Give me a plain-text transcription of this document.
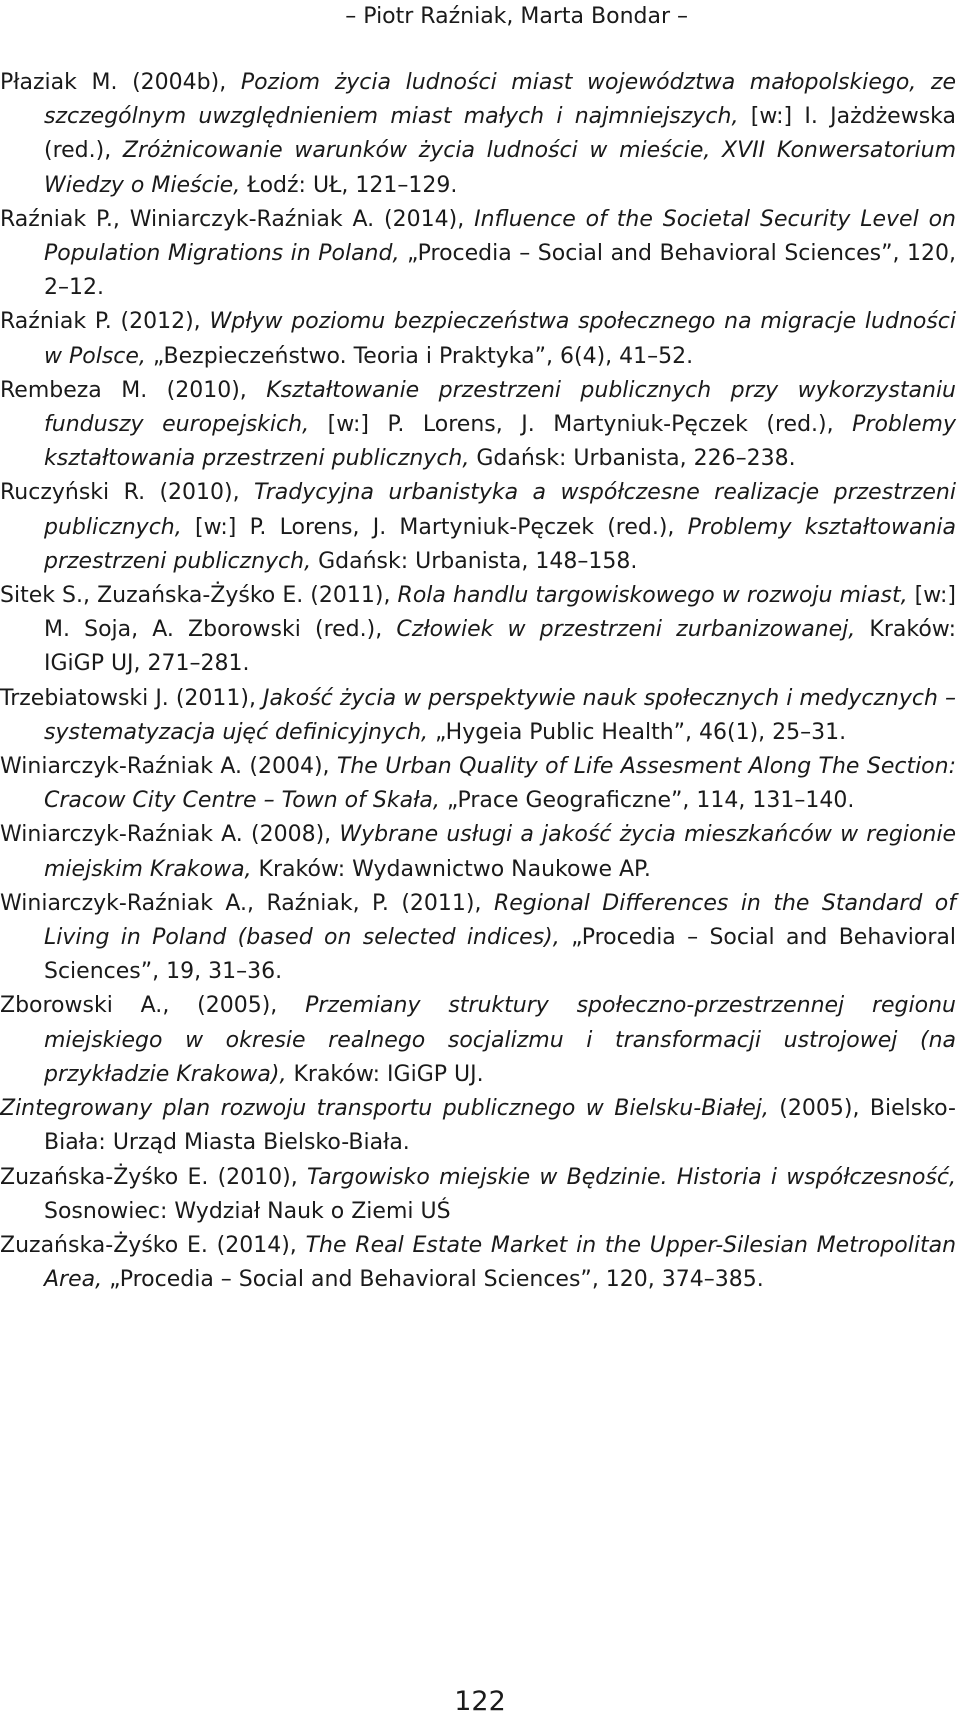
– Piotr Raźniak, Marta Bondar –

Płaziak M. (2004b), Poziom życia ludności miast województwa małopolskiego, ze szczególnym uwzględnieniem miast małych i najmniejszych, [w:] I. Jażdżewska (red.), Zróżnicowanie warunków życia ludności w mieście, XVII Konwersatorium Wiedzy o Mieście, Łodź: UŁ, 121–129.

Raźniak P., Winiarczyk-Raźniak A. (2014), Influence of the Societal Security Level on Population Migrations in Poland, „Procedia – Social and Behavioral Sciences”, 120, 2–12.

Raźniak P. (2012), Wpływ poziomu bezpieczeństwa społecznego na migracje ludności w Polsce, „Bezpieczeństwo. Teoria i Praktyka”, 6(4), 41–52.

Rembeza M. (2010), Kształtowanie przestrzeni publicznych przy wykorzystaniu funduszy europejskich, [w:] P. Lorens, J. Martyniuk-Pęczek (red.), Problemy kształtowania przestrzeni publicznych, Gdańsk: Urbanista, 226–238.

Ruczyński R. (2010), Tradycyjna urbanistyka a współczesne realizacje przestrzeni publicznych, [w:] P. Lorens, J. Martyniuk-Pęczek (red.), Problemy kształtowania przestrzeni publicznych, Gdańsk: Urbanista, 148–158.

Sitek S., Zuzańska-Żyśko E. (2011), Rola handlu targowiskowego w rozwoju miast, [w:] M. Soja, A. Zborowski (red.), Człowiek w przestrzeni zurbanizowanej, Kraków: IGiGP UJ, 271–281.

Trzebiatowski J. (2011), Jakość życia w perspektywie nauk społecznych i medycznych – systematyzacja ujęć definicyjnych, „Hygeia Public Health”, 46(1), 25–31.

Winiarczyk-Raźniak A. (2004), The Urban Quality of Life Assesment Along The Section: Cracow City Centre – Town of Skała, „Prace Geograficzne”, 114, 131–140.

Winiarczyk-Raźniak A. (2008), Wybrane usługi a jakość życia mieszkańców w regionie miejskim Krakowa, Kraków: Wydawnictwo Naukowe AP.

Winiarczyk-Raźniak A., Raźniak, P. (2011), Regional Differences in the Standard of Living in Poland (based on selected indices), „Procedia – Social and Behavioral Sciences”, 19, 31–36.

Zborowski A., (2005), Przemiany struktury społeczno-przestrzennej regionu miejskiego w okresie realnego socjalizmu i transformacji ustrojowej (na przykładzie Krakowa), Kraków: IGiGP UJ.

Zintegrowany plan rozwoju transportu publicznego w Bielsku-Białej, (2005), Bielsko-Biała: Urząd Miasta Bielsko-Biała.

Zuzańska-Żyśko E. (2010), Targowisko miejskie w Będzinie. Historia i współczesność, Sosnowiec: Wydział Nauk o Ziemi UŚ

Zuzańska-Żyśko E. (2014), The Real Estate Market in the Upper-Silesian Metropolitan Area, „Procedia – Social and Behavioral Sciences”, 120, 374–385.

122
